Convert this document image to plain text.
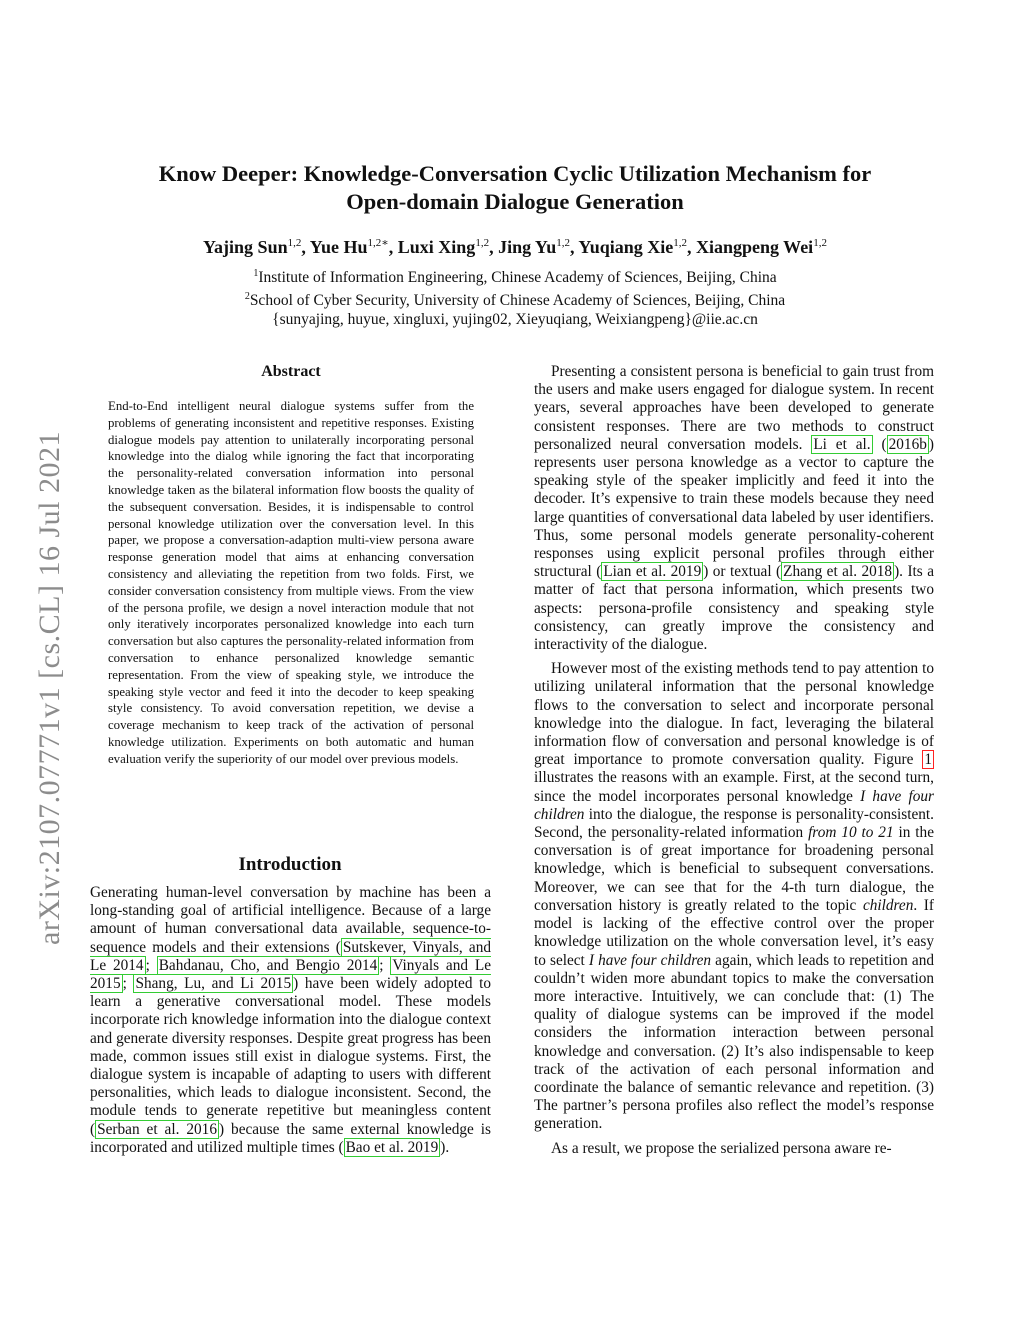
Know Deeper: Knowledge-Conversation Cyclic Utilization Mechanism for
Open-domain Dialogue Generation
Yajing Sun$^{1,2}$, Yue $Hu^{1,2∗}$, Luxi Xing$^{1,2}$, Jing Yu$^{1,2}$, Yuqiang Xie$^{1,2}$, Xiangpeng Wei$^{1,2}$
$^1$Institute of Information Engineering, Chinese Academy of Sciences, Beijing, China
$^2$School of Cyber Security, University of Chinese Academy of Sciences, Beijing, China
{sunyajing, huyue, xingluxi, yujing02, Xieyuqiang, Weixiangpeng}@iie.ac.cn
arXiv:2107.07771v1 [cs.CL] 16 Jul 2021
Abstract

End-to-End intelligent neural dialogue systems suffer from the problems of generating inconsistent and repetitive responses. Existing dialogue models pay attention to unilaterally incorporating personal knowledge into the dialog while ignoring the fact that incorporating the personality-related conversation information into personal knowledge taken as the bilateral information flow boosts the quality of the subsequent conversation. Besides, it is indispensable to control personal knowledge utilization over the conversation level. In this paper, we propose a conversation-adaption multi-view persona aware response generation model that aims at enhancing conversation consistency and alleviating the repetition from two folds. First, we consider conversation consistency from multiple views. From the view of the persona profile, we design a novel interaction module that not only iteratively incorporates personalized knowledge into each turn conversation but also captures the personality-related information from conversation to enhance personalized knowledge semantic representation. From the view of speaking style, we introduce the speaking style vector and feed it into the decoder to keep speaking style consistency. To avoid conversation repetition, we devise a coverage mechanism to keep track of the activation of personal knowledge utilization. Experiments on both automatic and human evaluation verify the superiority of our model over previous models.

Introduction

Generating human-level conversation by machine has been a long-standing goal of artificial intelligence. Because of a large amount of human conversational data available, sequence-to-sequence models and their extensions ( Sutskever, Vinyals, and Le 2014 ; Bahdanau, Cho, and Bengio 2014 ; Vinyals and Le 2015 ; Shang, Lu, and Li 2015 ) have been widely adopted to learn a generative conversational model. These models incorporate rich knowledge information into the dialogue context and generate diversity responses. Despite great progress has been made, common issues still exist in dialogue systems. First, the dialogue system is incapable of adapting to users with different personalities, which leads to dialogue inconsistent. Second, the module tends to generate repetitive but meaningless content ( Serban et al. 2016 ) because the same external knowledge is incorporated and utilized multiple times ( Bao et al. 2019 ).

Presenting a consistent persona is beneficial to gain trust from the users and make users engaged for dialogue system. In recent years, several approaches have been developed to generate consistent responses. There are two methods to construct personalized neural conversation models. Li et al. ( 2016b ) represents user persona knowledge as a vector to capture the speaking style of the speaker implicitly and feed it into the decoder. It’s expensive to train these models because they need large quantities of conversational data labeled by user identifiers. Thus, some personal models generate personality-coherent responses using explicit personal profiles through either structural ( Lian et al. 2019 ) or textual ( Zhang et al. 2018 ). Its a matter of fact that persona information, which presents two aspects: persona-profile consistency and speaking style consistency, can greatly improve the consistency and interactivity of the dialogue.

However most of the existing methods tend to pay attention to utilizing unilateral information that the personal knowledge flows to the conversation to select and incorporate personal knowledge into the dialogue. In fact, leveraging the bilateral information flow of conversation and personal knowledge is of great importance to promote conversation quality. Figure 1 illustrates the reasons with an example. First, at the second turn, since the model incorporates personal knowledge I have four children into the dialogue, the response is personality-consistent. Second, the personality-related information from 10 to 21 in the conversation is of great importance for broadening personal knowledge, which is beneficial to subsequent conversations. Moreover, we can see that for the 4-th turn dialogue, the conversation history is greatly related to the topic children. If model is lacking of the effective control over the proper knowledge utilization on the whole conversation level, it’s easy to select I have four children again, which leads to repetition and couldn’t widen more abundant topics to make the conversation more interactive. Intuitively, we can conclude that: (1) The quality of dialogue systems can be improved if the model considers the information interaction between personal knowledge and conversation. (2) It’s also indispensable to keep track of the activation of each personal information and coordinate the balance of semantic relevance and repetition. (3) The partner’s persona profiles also reflect the model’s response generation.

As a result, we propose the serialized persona aware re-
